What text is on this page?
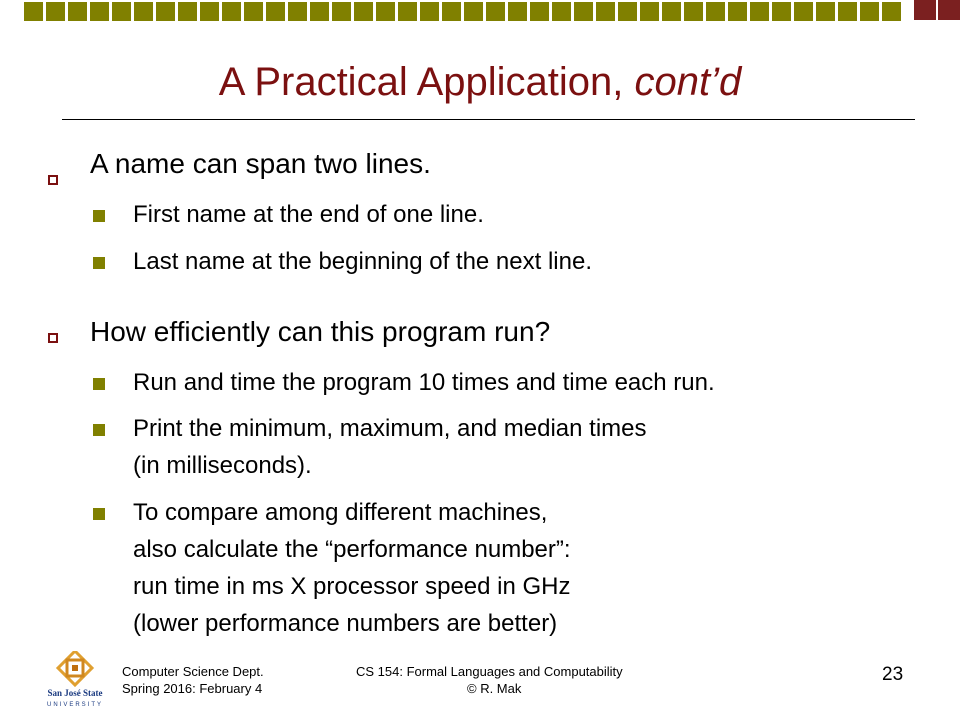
A Practical Application, cont’d
A name can span two lines.
First name at the end of one line.
Last name at the beginning of the next line.
How efficiently can this program run?
Run and time the program 10 times and time each run.
Print the minimum, maximum, and median times
(in milliseconds).
To compare among different machines,
also calculate the “performance number”:
run time in ms X processor speed in GHz
(lower performance numbers are better)
San José State
UNIVERSITY
Computer Science Dept.
Spring 2016: February 4
CS 154: Formal Languages and Computability
© R. Mak
23
